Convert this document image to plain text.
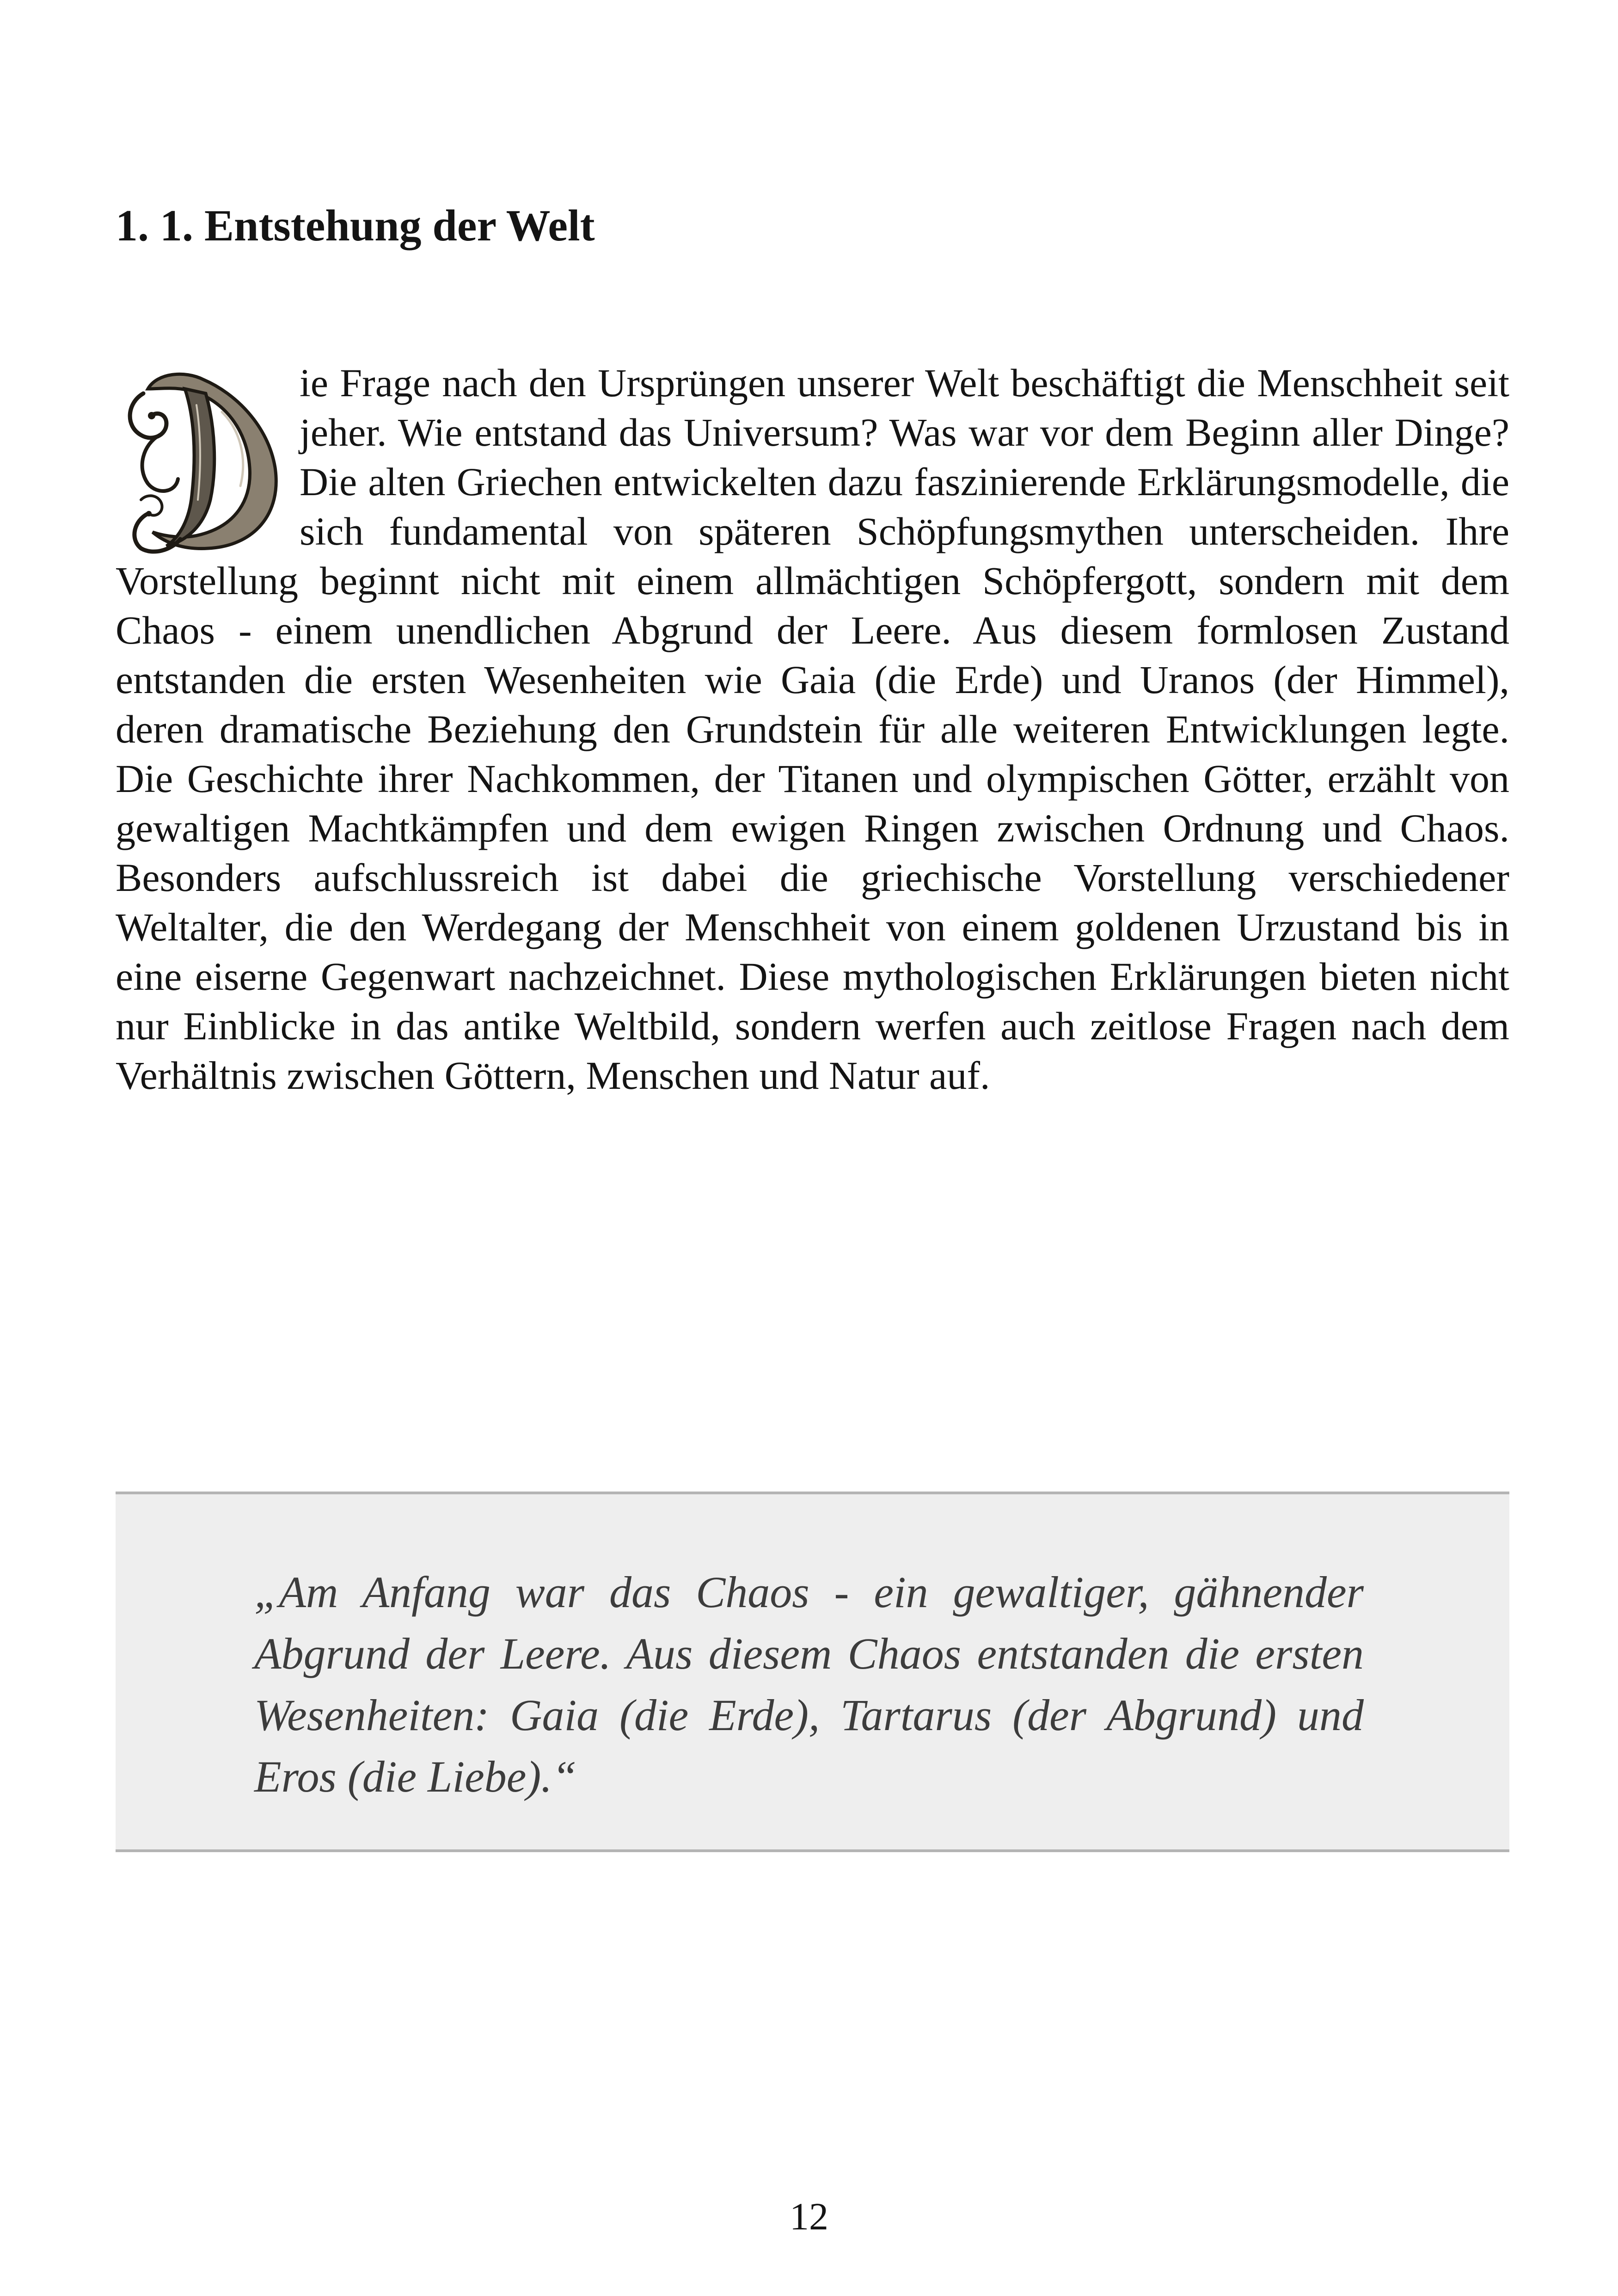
1. 1. Entstehung der Welt

ie Frage nach den Ursprüngen unserer Welt beschäftigt die Menschheit seit jeher. Wie entstand das Universum? Was war vor dem Beginn aller Dinge? Die alten Griechen entwickelten dazu faszinierende Erklärungsmodelle, die sich fundamental von späteren Schöpfungsmythen unterscheiden. Ihre Vorstellung beginnt nicht mit einem allmächtigen Schöpfergott, sondern mit dem Chaos - einem unendlichen Abgrund der Leere. Aus diesem formlosen Zustand entstanden die ersten Wesenheiten wie Gaia (die Erde) und Uranos (der Himmel), deren dramatische Beziehung den Grundstein für alle weiteren Entwicklungen legte. Die Geschichte ihrer Nachkommen, der Titanen und olympischen Götter, erzählt von gewaltigen Machtkämpfen und dem ewigen Ringen zwischen Ordnung und Chaos. Besonders aufschlussreich ist dabei die griechische Vorstellung verschiedener Weltalter, die den Werdegang der Menschheit von einem goldenen Urzustand bis in eine eiserne Gegenwart nachzeichnet. Diese mythologischen Erklärungen bieten nicht nur Einblicke in das antike Weltbild, sondern werfen auch zeitlose Fragen nach dem Verhältnis zwischen Göttern, Menschen und Natur auf.

„Am Anfang war das Chaos - ein gewaltiger, gähnender Abgrund der Leere. Aus diesem Chaos entstanden die ersten Wesenheiten: Gaia (die Erde), Tartarus (der Abgrund) und Eros (die Liebe).“

12
